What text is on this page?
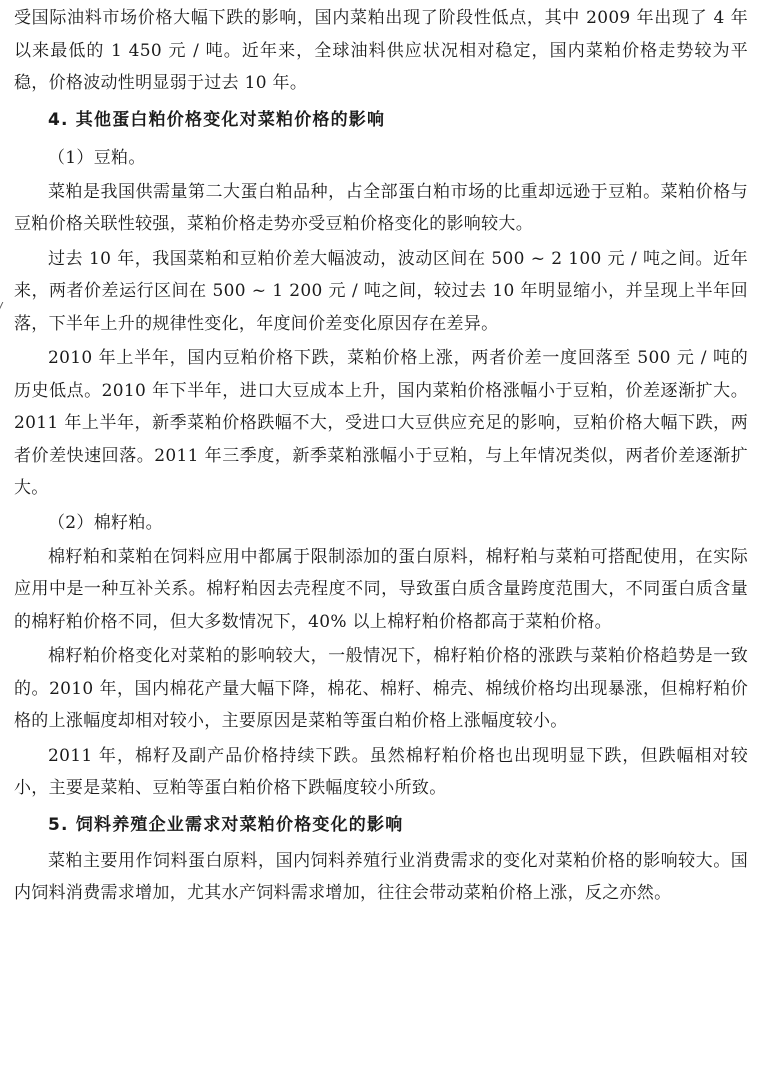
受国际油料市场价格大幅下跌的影响，国内菜粕出现了阶段性低点，其中 2009 年出现了 4 年以来最低的 1 450 元 / 吨。近年来，全球油料供应状况相对稳定，国内菜粕价格走势较为平稳，价格波动性明显弱于过去 10 年。

4. 其他蛋白粕价格变化对菜粕价格的影响

（1）豆粕。

菜粕是我国供需量第二大蛋白粕品种，占全部蛋白粕市场的比重却远逊于豆粕。菜粕价格与豆粕价格关联性较强，菜粕价格走势亦受豆粕价格变化的影响较大。

过去 10 年，我国菜粕和豆粕价差大幅波动，波动区间在 500 ~ 2 100 元 / 吨之间。近年来，两者价差运行区间在 500 ~ 1 200 元 / 吨之间，较过去 10 年明显缩小，并呈现上半年回落，下半年上升的规律性变化，年度间价差变化原因存在差异。

2010 年上半年，国内豆粕价格下跌，菜粕价格上涨，两者价差一度回落至 500 元 / 吨的历史低点。2010 年下半年，进口大豆成本上升，国内菜粕价格涨幅小于豆粕，价差逐渐扩大。2011 年上半年，新季菜粕价格跌幅不大，受进口大豆供应充足的影响，豆粕价格大幅下跌，两者价差快速回落。2011 年三季度，新季菜粕涨幅小于豆粕，与上年情况类似，两者价差逐渐扩大。

（2）棉籽粕。

棉籽粕和菜粕在饲料应用中都属于限制添加的蛋白原料，棉籽粕与菜粕可搭配使用，在实际应用中是一种互补关系。棉籽粕因去壳程度不同，导致蛋白质含量跨度范围大，不同蛋白质含量的棉籽粕价格不同，但大多数情况下，40% 以上棉籽粕价格都高于菜粕价格。

棉籽粕价格变化对菜粕的影响较大，一般情况下，棉籽粕价格的涨跌与菜粕价格趋势是一致的。2010 年，国内棉花产量大幅下降，棉花、棉籽、棉壳、棉绒价格均出现暴涨，但棉籽粕价格的上涨幅度却相对较小，主要原因是菜粕等蛋白粕价格上涨幅度较小。

2011 年，棉籽及副产品价格持续下跌。虽然棉籽粕价格也出现明显下跌，但跌幅相对较小，主要是菜粕、豆粕等蛋白粕价格下跌幅度较小所致。

5. 饲料养殖企业需求对菜粕价格变化的影响

菜粕主要用作饲料蛋白原料，国内饲料养殖行业消费需求的变化对菜粕价格的影响较大。国内饲料消费需求增加，尤其水产饲料需求增加，往往会带动菜粕价格上涨，反之亦然。
